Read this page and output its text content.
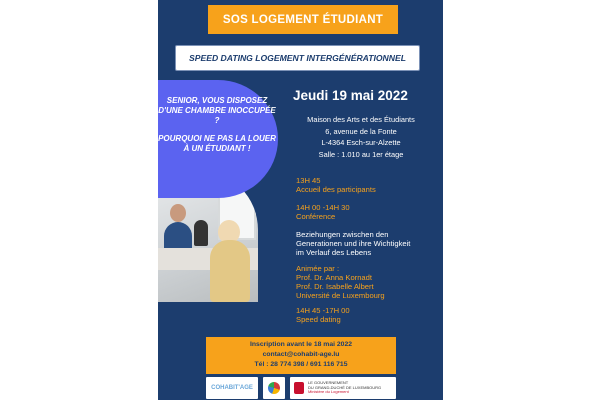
SOS LOGEMENT ÉTUDIANT
SPEED DATING LOGEMENT INTERGÉNÉRATIONNEL

SENIOR, VOUS DISPOSEZ D'UNE CHAMBRE INOCCUPÉE ?

POURQUOI NE PAS LA LOUER À UN ÉTUDIANT !

Jeudi 19 mai 2022
Maison des Arts et des Étudiants
6, avenue de la Fonte
L-4364 Esch-sur-Alzette
Salle : 1.010 au 1er étage
13H 45
Accueil des participants
14H 00 -14H 30
Conférence
Beziehungen zwischen den
Generationen und ihre Wichtigkeit
im Verlauf des Lebens
Animée par :
Prof. Dr. Anna Kornadt
Prof. Dr. Isabelle Albert
Université de Luxembourg
14H 45 -17H 00
Speed dating
Inscription avant le 18 mai 2022
contact@cohabit-age.lu
Tél : 28 774 398 / 691 116 715
COHABIT'AGE
LE GOUVERNEMENT
DU GRAND-DUCHÉ DE LUXEMBOURG
Ministère du Logement
